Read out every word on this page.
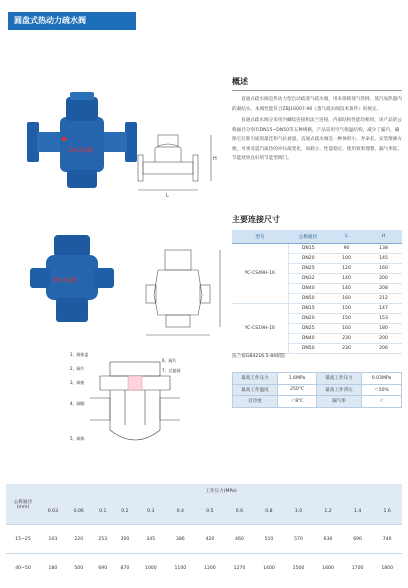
圆盘式热动力疏水阀
ZHUOJIE
L
H
ZHUOJIE
1、阀体盖
2、阀片
3、阀座
4、阀帽
5、阀体
6、阀片
7、过滤网
概述
直通式疏水阀是热动力型自动疏蒸气疏水阀，用来排除蒸气管网、蒸汽加热器内的凝结水。本阀性能符合ZBJ16007-90《蒸气疏水阀技术条件》的规定。
直通式疏水阀分采用内螺纹连接和法兰连接，内部结构性能均相同，该产品的公称通径分别有DN15~DN50等五种规格，产品采用空气保温结构，减少了漏汽，确保它灯准引面的最佳和气抗衰量。直通式疏水阀是一种体积小、寿命长、安装维修方便、可承受震汽质热的冲压疏变化，而耗小、性能稳定、使用效果理想、漏气率低、节能效果良好的节能型阀门。
主要连接尺寸
型号	公称通径	L	H
YC-CS49H-16	DN15	90	138
	DN20	100	145
	DN25	120	160
	DN32	140	200
	DN40	140	208
	DN50	160	212
YC-CS19H-16	DN15	150	147
	DN20	150	153
	DN25	160	180
	DN40	230	200
	DN50	230	206
法兰按GB4216.5-84制造
最高工作压力	1.6MPa	最高工作压力	0.03MPa
最高工作温度	250℃	最高工作背压	＜50%
过冷度	＜8℃	漏气率	＜
公称通径
(mm)	工作压力(MPa)												
	0.03	0.06	0.1	0.2	0.3	0.4	0.5	0.6	0.8	1.0	1.2	1.4	1.6
15~25	103	220	253	300	345	386	420	460	510	570	630	690	740
40~50	180	500	690	870	1000	1100	1200	1270	1400	1500	1600	1700	1800
